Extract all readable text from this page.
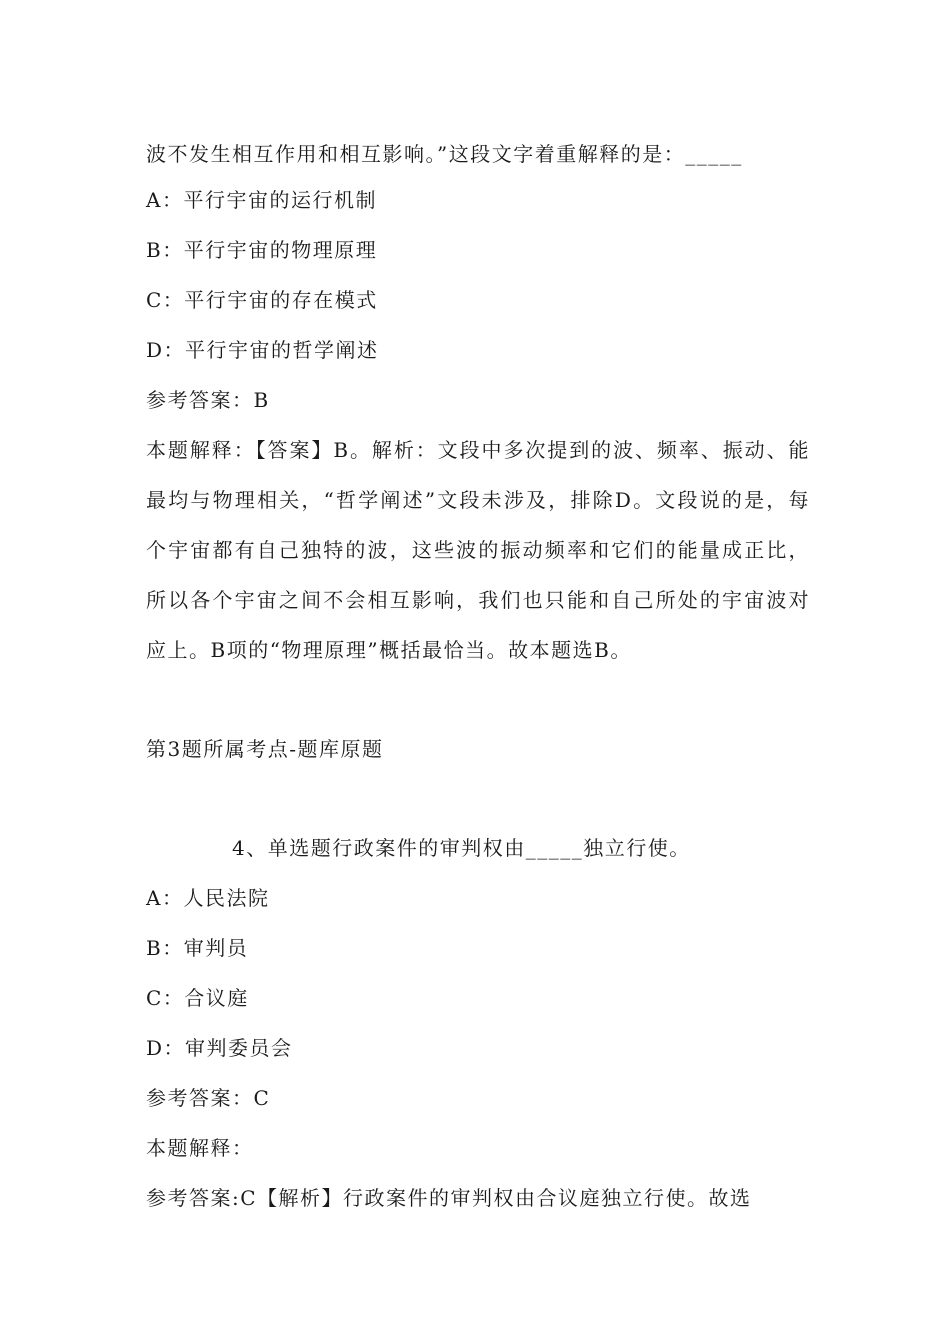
波不发生相互作用和相互影响。”这段文字着重解释的是：_____
A：平行宇宙的运行机制
B：平行宇宙的物理原理
C：平行宇宙的存在模式
D：平行宇宙的哲学阐述
参考答案：B
本题解释：【答案】B。解析：文段中多次提到的波、频率、振动、能最均与物理相关，“哲学阐述”文段未涉及，排除D。文段说的是，每个宇宙都有自己独特的波，这些波的振动频率和它们的能量成正比，所以各个宇宙之间不会相互影响，我们也只能和自己所处的宇宙波对应上。B项的“物理原理”概括最恰当。故本题选B。
第3题所属考点-题库原题
4、单选题行政案件的审判权由_____独立行使。
A：人民法院
B：审判员
C：合议庭
D：审判委员会
参考答案：C
本题解释：
参考答案:C【解析】行政案件的审判权由合议庭独立行使。故选
